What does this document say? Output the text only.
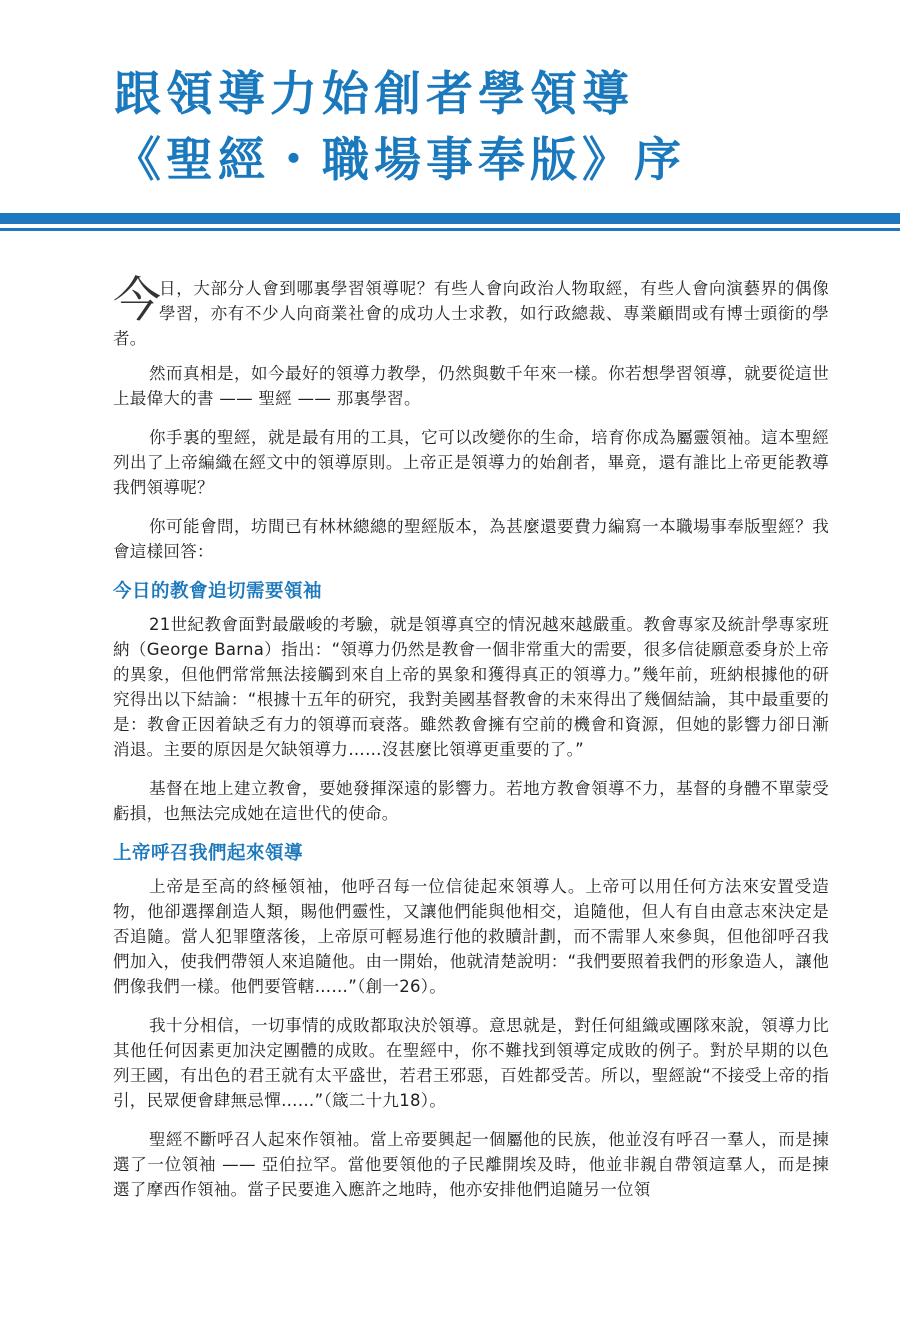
跟領導力始創者學領導
《聖經・職場事奉版》序

今
日，大部分人會到哪裏學習領導呢？有些人會向政治人物取經，有些人會向演藝界的偶像學習，亦有不少人向商業社會的成功人士求教，如行政總裁、專業顧問或有博士頭銜的學者。

然而真相是，如今最好的領導力教學，仍然與數千年來一樣。你若想學習領導，就要從這世上最偉大的書 —— 聖經 —— 那裏學習。

你手裏的聖經，就是最有用的工具，它可以改變你的生命，培育你成為屬靈領袖。這本聖經列出了上帝編織在經文中的領導原則。上帝正是領導力的始創者，畢竟，還有誰比上帝更能教導我們領導呢？

你可能會問，坊間已有林林總總的聖經版本，為甚麼還要費力編寫一本職場事奉版聖經？我會這樣回答：

今日的教會迫切需要領袖

21世紀教會面對最嚴峻的考驗，就是領導真空的情況越來越嚴重。教會專家及統計學專家班納（George Barna）指出：“領導力仍然是教會一個非常重大的需要，很多信徒願意委身於上帝的異象，但他們常常無法接觸到來自上帝的異象和獲得真正的領導力。”幾年前，班納根據他的研究得出以下結論：“根據十五年的研究，我對美國基督教會的未來得出了幾個結論，其中最重要的是：教會正因着缺乏有力的領導而衰落。雖然教會擁有空前的機會和資源，但她的影響力卻日漸消退。主要的原因是欠缺領導力……沒甚麼比領導更重要的了。”

基督在地上建立教會，要她發揮深遠的影響力。若地方教會領導不力，基督的身體不單蒙受虧損，也無法完成她在這世代的使命。

上帝呼召我們起來領導

上帝是至高的終極領袖，他呼召每一位信徒起來領導人。上帝可以用任何方法來安置受造物，他卻選擇創造人類，賜他們靈性，又讓他們能與他相交，追隨他，但人有自由意志來決定是否追隨。當人犯罪墮落後，上帝原可輕易進行他的救贖計劃，而不需罪人來參與，但他卻呼召我們加入，使我們帶領人來追隨他。由一開始，他就清楚說明：“我們要照着我們的形象造人，讓他們像我們一樣。他們要管轄……”（創一26）。

我十分相信，一切事情的成敗都取決於領導。意思就是，對任何組織或團隊來說，領導力比其他任何因素更加決定團體的成敗。在聖經中，你不難找到領導定成敗的例子。對於早期的以色列王國，有出色的君王就有太平盛世，若君王邪惡，百姓都受苦。所以，聖經說“不接受上帝的指引，民眾便會肆無忌憚……”（箴二十九18）。

聖經不斷呼召人起來作領袖。當上帝要興起一個屬他的民族，他並沒有呼召一羣人，而是揀選了一位領袖 —— 亞伯拉罕。當他要領他的子民離開埃及時，他並非親自帶領這羣人，而是揀選了摩西作領袖。當子民要進入應許之地時，他亦安排他們追隨另一位領
